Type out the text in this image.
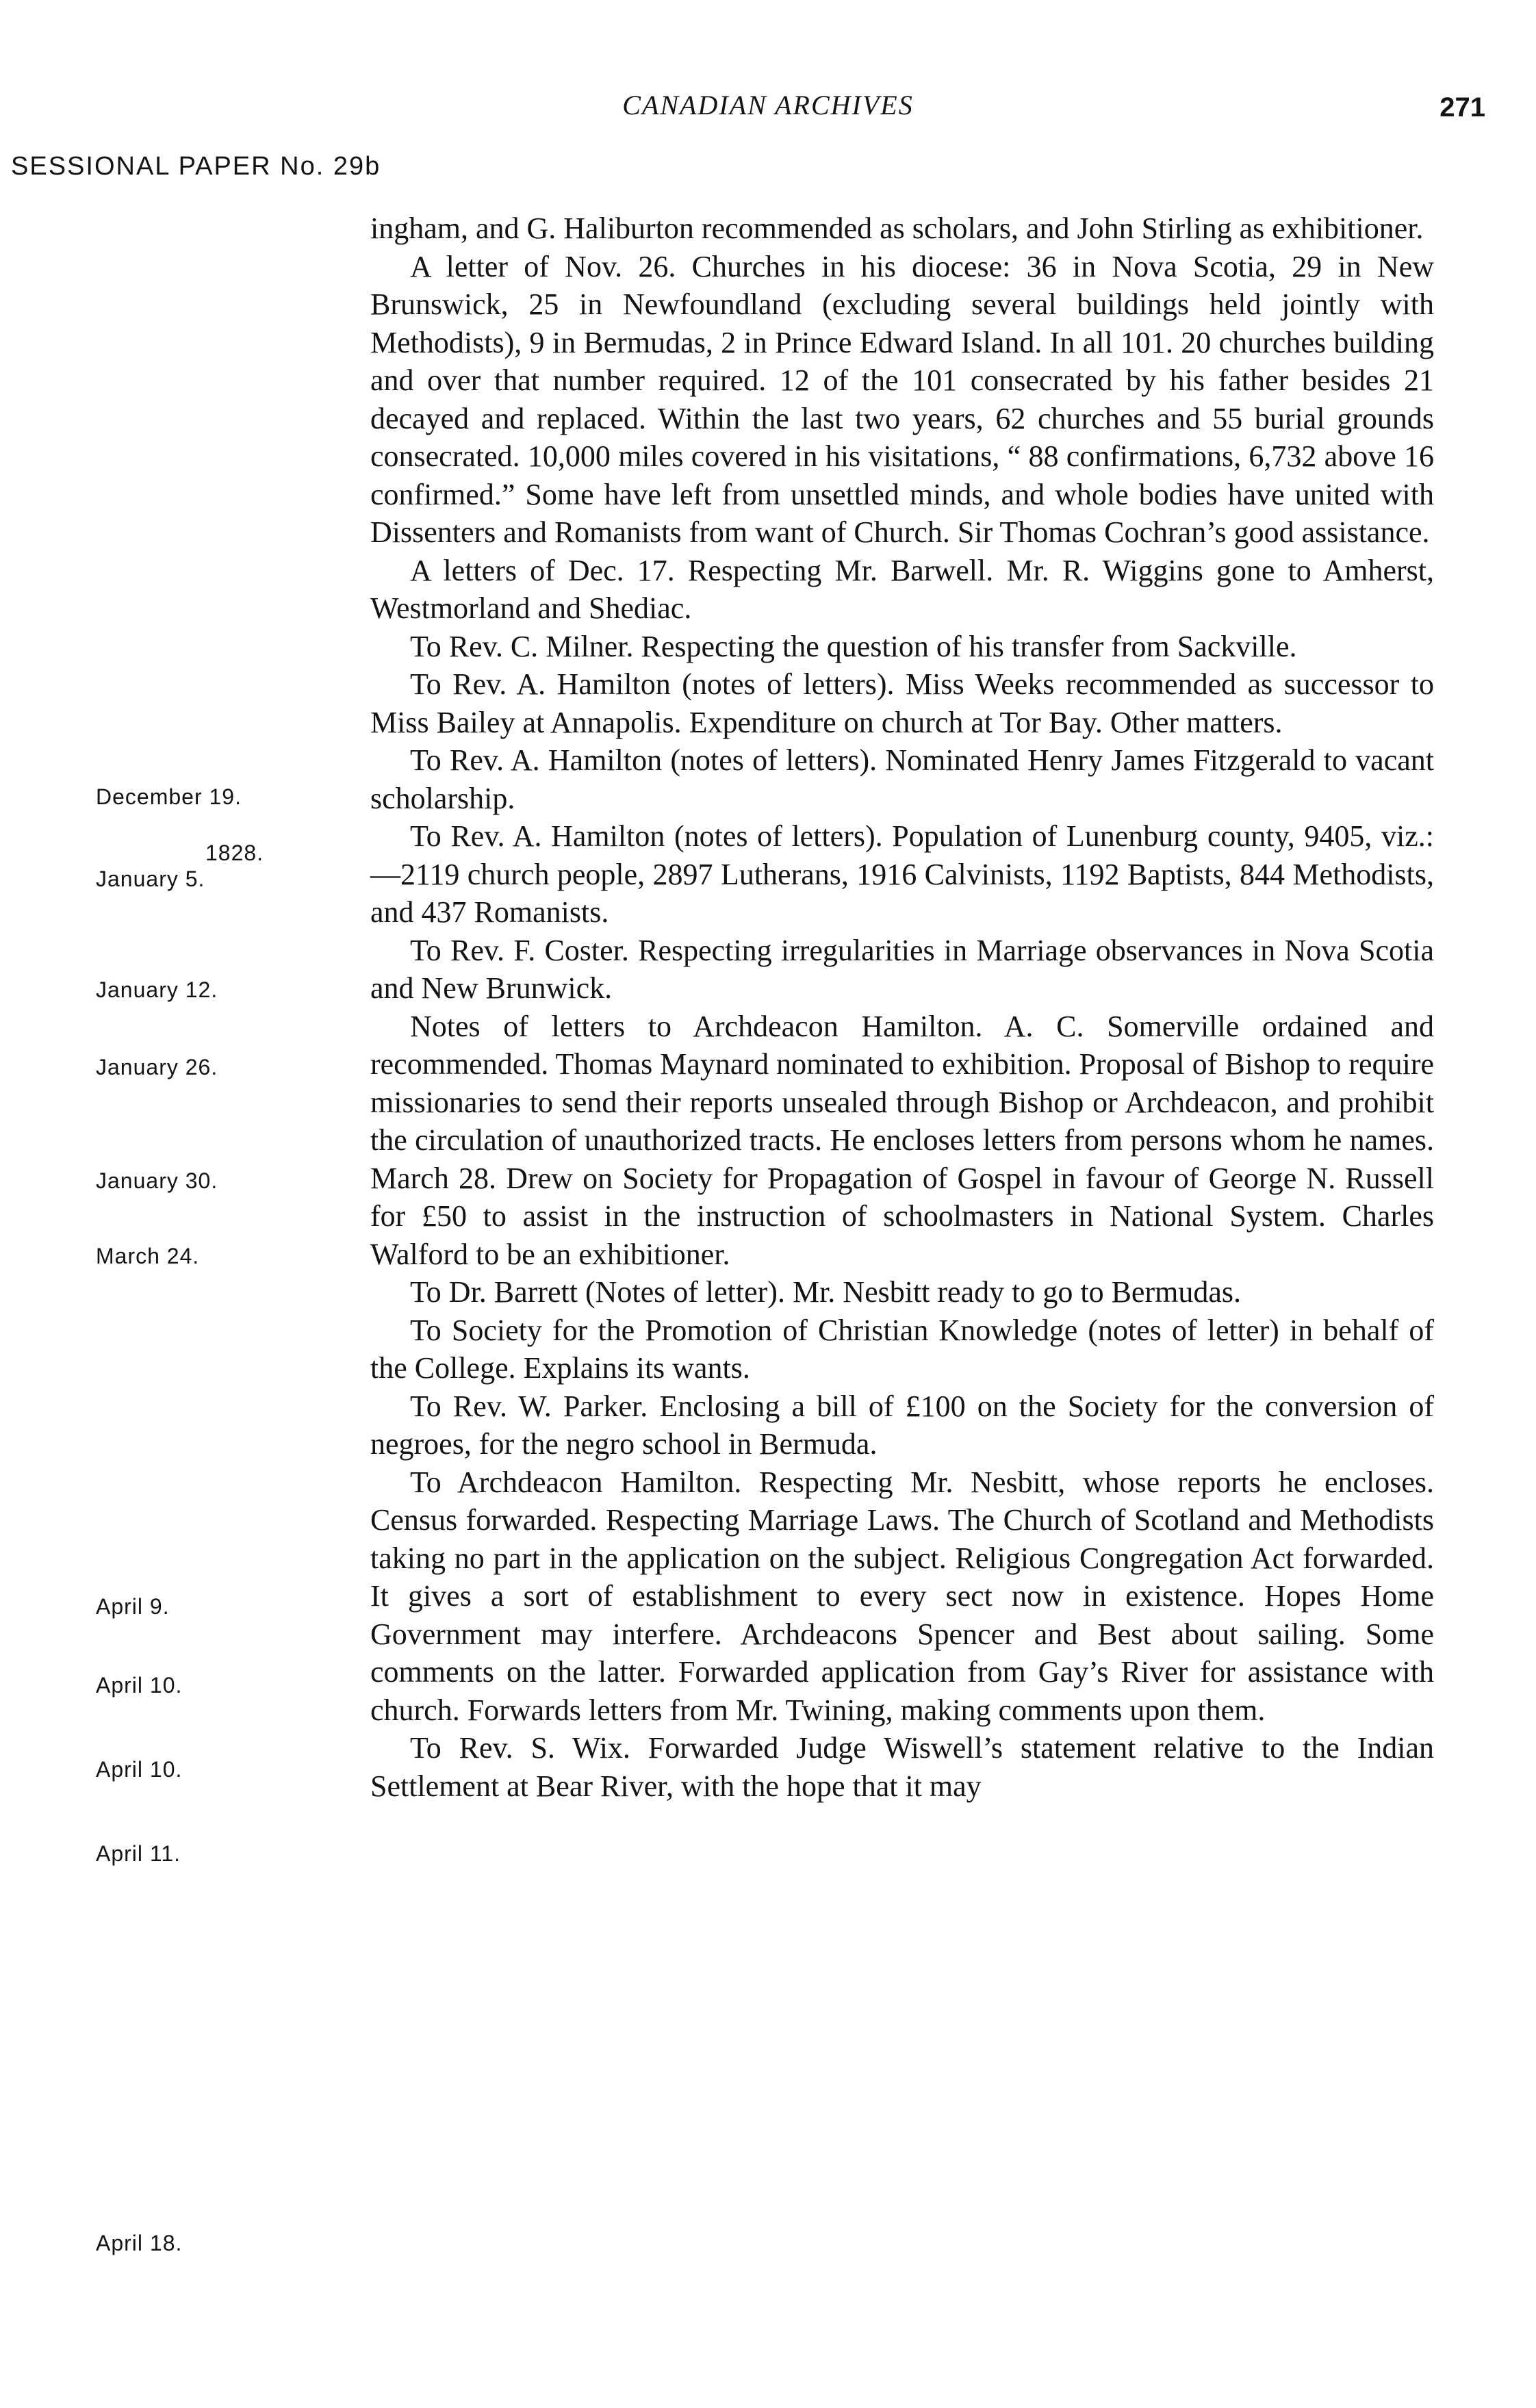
CANADIAN ARCHIVES	271
SESSIONAL PAPER No. 29b
December 19.
1828.
January 5.
January 12.
January 26.
January 30.
March 24.
April 9.
April 10.
April 10.
April 11.
April 18.

ingham, and G. Haliburton recommended as scholars, and John Stirling as exhibitioner.

A letter of Nov. 26. Churches in his diocese: 36 in Nova Scotia, 29 in New Brunswick, 25 in Newfoundland (excluding several buildings held jointly with Methodists), 9 in Bermudas, 2 in Prince Edward Island. In all 101. 20 churches building and over that number required. 12 of the 101 consecrated by his father besides 21 decayed and replaced. Within the last two years, 62 churches and 55 burial grounds consecrated. 10,000 miles covered in his visitations, “ 88 confirmations, 6,732 above 16 confirmed.” Some have left from unsettled minds, and whole bodies have united with Dissenters and Romanists from want of Church. Sir Thomas Cochran’s good assistance.

A letters of Dec. 17. Respecting Mr. Barwell. Mr. R. Wiggins gone to Amherst, Westmorland and Shediac.

To Rev. C. Milner. Respecting the question of his transfer from Sackville.

To Rev. A. Hamilton (notes of letters). Miss Weeks recommended as successor to Miss Bailey at Annapolis. Expenditure on church at Tor Bay. Other matters.

To Rev. A. Hamilton (notes of letters). Nominated Henry James Fitzgerald to vacant scholarship.

To Rev. A. Hamilton (notes of letters). Population of Lunenburg county, 9405, viz.:—2119 church people, 2897 Lutherans, 1916 Calvinists, 1192 Baptists, 844 Methodists, and 437 Romanists.

To Rev. F. Coster. Respecting irregularities in Marriage observances in Nova Scotia and New Brunwick.

Notes of letters to Archdeacon Hamilton. A. C. Somerville ordained and recommended. Thomas Maynard nominated to exhibition. Proposal of Bishop to require missionaries to send their reports unsealed through Bishop or Archdeacon, and prohibit the circulation of unauthorized tracts. He encloses letters from persons whom he names. March 28. Drew on Society for Propagation of Gospel in favour of George N. Russell for £50 to assist in the instruction of schoolmasters in National System. Charles Walford to be an exhibitioner.

To Dr. Barrett (Notes of letter). Mr. Nesbitt ready to go to Bermudas.

To Society for the Promotion of Christian Knowledge (notes of letter) in behalf of the College. Explains its wants.

To Rev. W. Parker. Enclosing a bill of £100 on the Society for the conversion of negroes, for the negro school in Bermuda.

To Archdeacon Hamilton. Respecting Mr. Nesbitt, whose reports he encloses. Census forwarded. Respecting Marriage Laws. The Church of Scotland and Methodists taking no part in the application on the subject. Religious Congregation Act forwarded. It gives a sort of establishment to every sect now in existence. Hopes Home Government may interfere. Archdeacons Spencer and Best about sailing. Some comments on the latter. Forwarded application from Gay’s River for assistance with church. Forwards letters from Mr. Twining, making comments upon them.

To Rev. S. Wix. Forwarded Judge Wiswell’s statement relative to the Indian Settlement at Bear River, with the hope that it may
